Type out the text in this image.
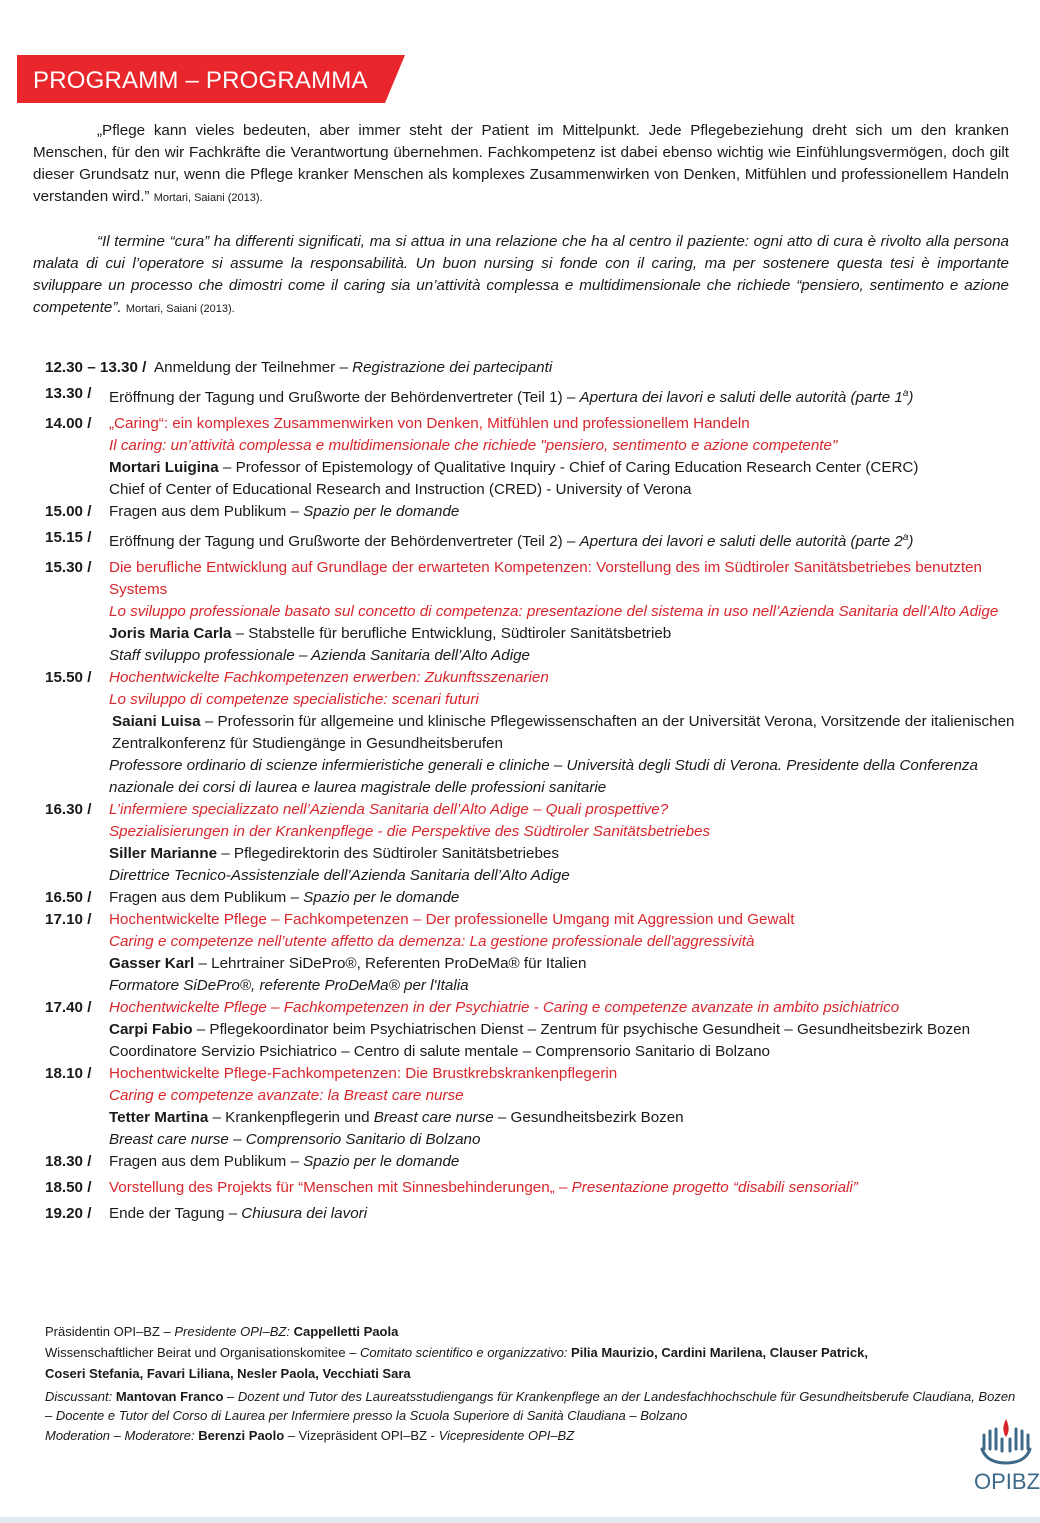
PROGRAMM – PROGRAMMA
„Pflege kann vieles bedeuten, aber immer steht der Patient im Mittelpunkt. Jede Pflegebeziehung dreht sich um den kranken Menschen, für den wir Fachkräfte die Verantwortung übernehmen. Fachkompetenz ist dabei ebenso wichtig wie Einfühlungsvermögen, doch gilt dieser Grundsatz nur, wenn die Pflege kranker Menschen als komplexes Zusammenwirken von Denken, Mitfühlen und professionellem Handeln verstanden wird.” Mortari, Saiani (2013).
“Il termine “cura” ha differenti significati, ma si attua in una relazione che ha al centro il paziente: ogni atto di cura è rivolto alla persona malata di cui l’operatore si assume la responsabilità. Un buon nursing si fonde con il caring, ma per sostenere questa tesi è importante sviluppare un processo che dimostri come il caring sia un’attività complessa e multidimensionale che richiede “pensiero, sentimento e azione competente”. Mortari, Saiani (2013).
12.30 – 13.30 / Anmeldung der Teilnehmer – Registrazione dei partecipanti
13.30 / Eröffnung der Tagung und Grußworte der Behördenvertreter (Teil 1) – Apertura dei lavori e saluti delle autorità (parte 1$^a$)
14.00 / „Caring“: ein komplexes Zusammenwirken von Denken, Mitfühlen und professionellem Handeln
Il caring: un’attività complessa e multidimensionale che richiede "pensiero, sentimento e azione competente"
Mortari Luigina – Professor of Epistemology of Qualitative Inquiry - Chief of Caring Education Research Center (CERC)
Chief of Center of Educational Research and Instruction (CRED) - University of Verona
15.00 / Fragen aus dem Publikum – Spazio per le domande
15.15 / Eröffnung der Tagung und Grußworte der Behördenvertreter (Teil 2) – Apertura dei lavori e saluti delle autorità (parte 2$^a$)
15.30 / Die berufliche Entwicklung auf Grundlage der erwarteten Kompetenzen: Vorstellung des im Südtiroler Sanitätsbetriebes benutzten Systems
Lo sviluppo professionale basato sul concetto di competenza: presentazione del sistema in uso nell’Azienda Sanitaria dell’Alto Adige
Joris Maria Carla – Stabstelle für berufliche Entwicklung, Südtiroler Sanitätsbetrieb
Staff sviluppo professionale – Azienda Sanitaria dell’Alto Adige
15.50 / Hochentwickelte Fachkompetenzen erwerben: Zukunftsszenarien
Lo sviluppo di competenze specialistiche: scenari futuri
Saiani Luisa – Professorin für allgemeine und klinische Pflegewissenschaften an der Universität Verona, Vorsitzende der italienischen Zentralkonferenz für Studiengänge in Gesundheitsberufen
Professore ordinario di scienze infermieristiche generali e cliniche – Università degli Studi di Verona. Presidente della Conferenza nazionale dei corsi di laurea e laurea magistrale delle professioni sanitarie
16.30 / L’infermiere specializzato nell’Azienda Sanitaria dell’Alto Adige – Quali prospettive?
Spezialisierungen in der Krankenpflege - die Perspektive des Südtiroler Sanitätsbetriebes
Siller Marianne – Pflegedirektorin des Südtiroler Sanitätsbetriebes
Direttrice Tecnico-Assistenziale dell’Azienda Sanitaria dell’Alto Adige
16.50 / Fragen aus dem Publikum – Spazio per le domande
17.10 / Hochentwickelte Pflege – Fachkompetenzen – Der professionelle Umgang mit Aggression und Gewalt
Caring e competenze nell’utente affetto da demenza: La gestione professionale dell'aggressività
Gasser Karl – Lehrtrainer SiDePro®, Referenten ProDeMa® für Italien
Formatore SiDePro®, referente ProDeMa® per l'Italia
17.40 / Hochentwickelte Pflege – Fachkompetenzen in der Psychiatrie - Caring e competenze avanzate in ambito psichiatrico
Carpi Fabio – Pflegekoordinator beim Psychiatrischen Dienst – Zentrum für psychische Gesundheit – Gesundheitsbezirk Bozen
Coordinatore Servizio Psichiatrico – Centro di salute mentale – Comprensorio Sanitario di Bolzano
18.10 / Hochentwickelte Pflege-Fachkompetenzen: Die Brustkrebskrankenpflegerin
Caring e competenze avanzate: la Breast care nurse
Tetter Martina – Krankenpflegerin und Breast care nurse – Gesundheitsbezirk Bozen
Breast care nurse – Comprensorio Sanitario di Bolzano
18.30 / Fragen aus dem Publikum – Spazio per le domande
18.50 / Vorstellung des Projekts für “Menschen mit Sinnesbehinderungen„ – Presentazione progetto “disabili sensoriali”
19.20 / Ende der Tagung – Chiusura dei lavori
Präsidentin OPI–BZ – Presidente OPI–BZ: Cappelletti Paola
Wissenschaftlicher Beirat und Organisationskomitee – Comitato scientifico e organizzativo: Pilia Maurizio, Cardini Marilena, Clauser Patrick,
Coseri Stefania, Favari Liliana, Nesler Paola, Vecchiati Sara
Discussant: Mantovan Franco – Dozent und Tutor des Laureatsstudiengangs für Krankenpflege an der Landesfachhochschule für Gesundheitsberufe Claudiana, Bozen – Docente e Tutor del Corso di Laurea per Infermiere presso la Scuola Superiore di Sanità Claudiana – Bolzano
Moderation – Moderatore: Berenzi Paolo – Vizepräsident OPI–BZ - Vicepresidente OPI–BZ
OPIBZ
